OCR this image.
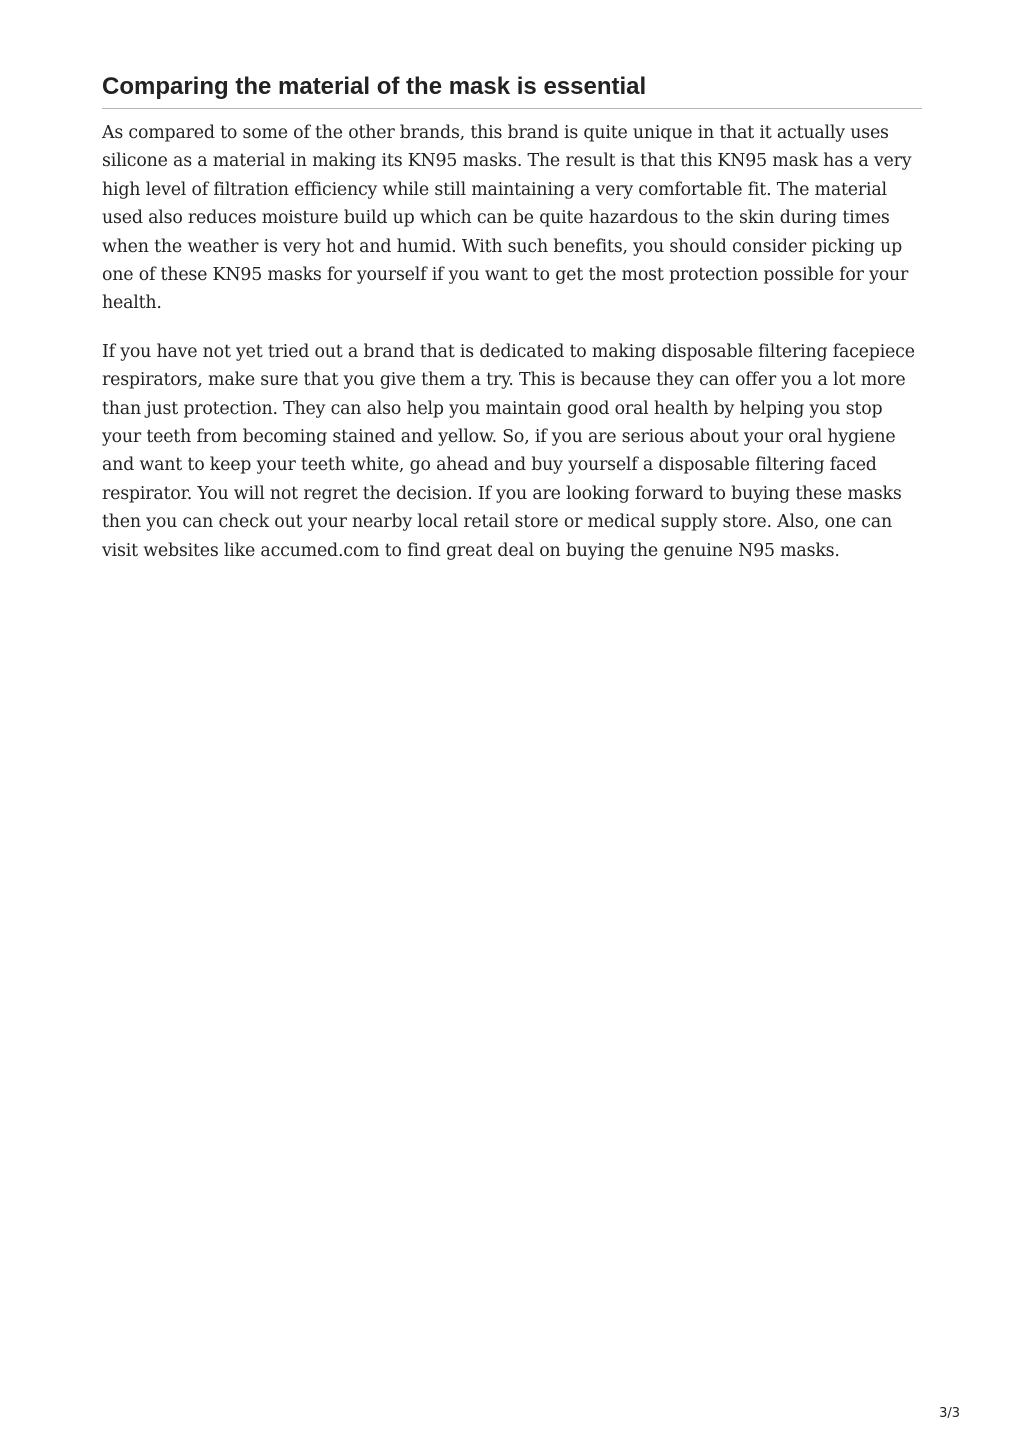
Comparing the material of the mask is essential

As compared to some of the other brands, this brand is quite unique in that it actually uses silicone as a material in making its KN95 masks. The result is that this KN95 mask has a very high level of filtration efficiency while still maintaining a very comfortable fit. The material used also reduces moisture build up which can be quite hazardous to the skin during times when the weather is very hot and humid. With such benefits, you should consider picking up one of these KN95 masks for yourself if you want to get the most protection possible for your health.

If you have not yet tried out a brand that is dedicated to making disposable filtering facepiece respirators, make sure that you give them a try. This is because they can offer you a lot more than just protection. They can also help you maintain good oral health by helping you stop your teeth from becoming stained and yellow. So, if you are serious about your oral hygiene and want to keep your teeth white, go ahead and buy yourself a disposable filtering faced respirator. You will not regret the decision. If you are looking forward to buying these masks then you can check out your nearby local retail store or medical supply store. Also, one can visit websites like accumed.com to find great deal on buying the genuine N95 masks.

3/3
